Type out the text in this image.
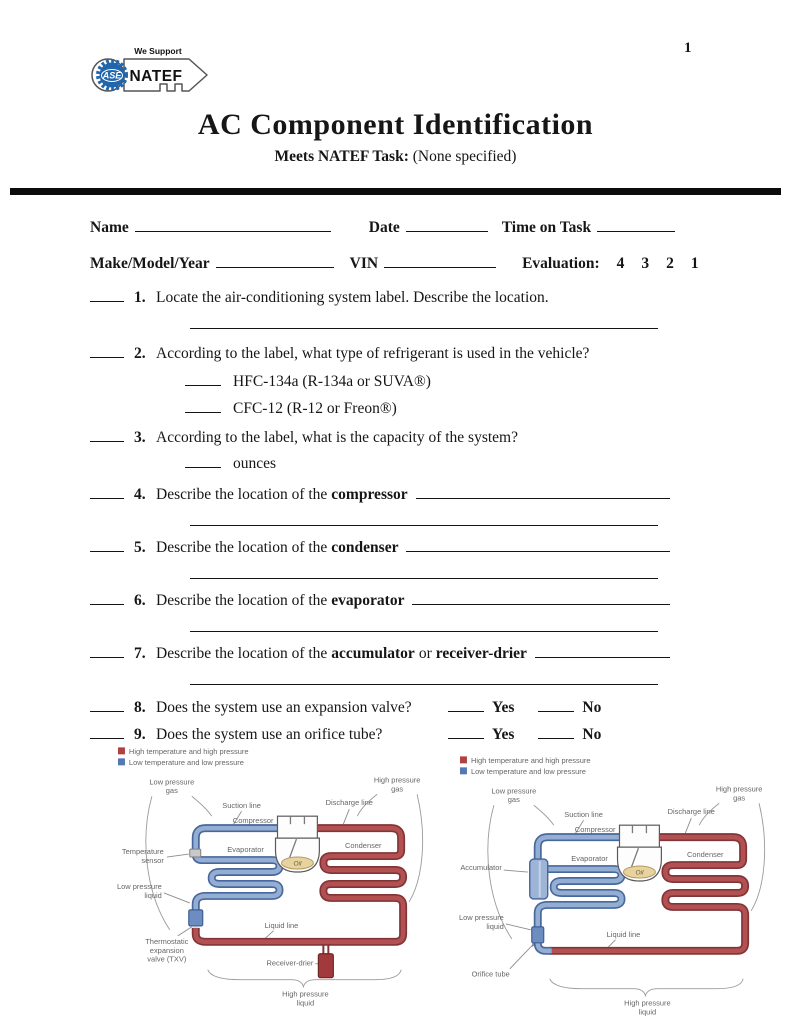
1
ASE
We Support
NATEF
AC Component Identification
Meets NATEF Task: (None specified)
Name	Date	Time on Task
Make/Model/Year	VIN	Evaluation: 4 3 2 1
1. Locate the air-conditioning system label. Describe the location.
2. According to the label, what type of refrigerant is used in the vehicle?
HFC-134a (R-134a or SUVA®)
CFC-12 (R-12 or Freon®)
3. According to the label, what is the capacity of the system?
ounces
4. Describe the location of the compressor
5. Describe the location of the condenser
6. Describe the location of the evaporator
7. Describe the location of the accumulator or receiver-drier
8. Does the system use an expansion valve?	Yes	No
9. Does the system use an orifice tube?	Yes	No
High temperature and high pressure
Low temperature and low pressure
Oil
Low pressure
gas
High pressure
gas
Suction line	Discharge line
Compressor
Evaporator	Condenser
Temperature
sensor
Low pressure
liquid
Thermostatic
expansion
valve (TXV)
Liquid line
Receiver-drier
High pressure
liquid
High temperature and high pressure
Low temperature and low pressure
Oil
Low pressure
gas
High pressure
gas
Suction line	Discharge line
Compressor
Evaporator	Condenser
Accumulator
Low pressure
liquid
Orifice tube
Liquid line
High pressure
liquid
